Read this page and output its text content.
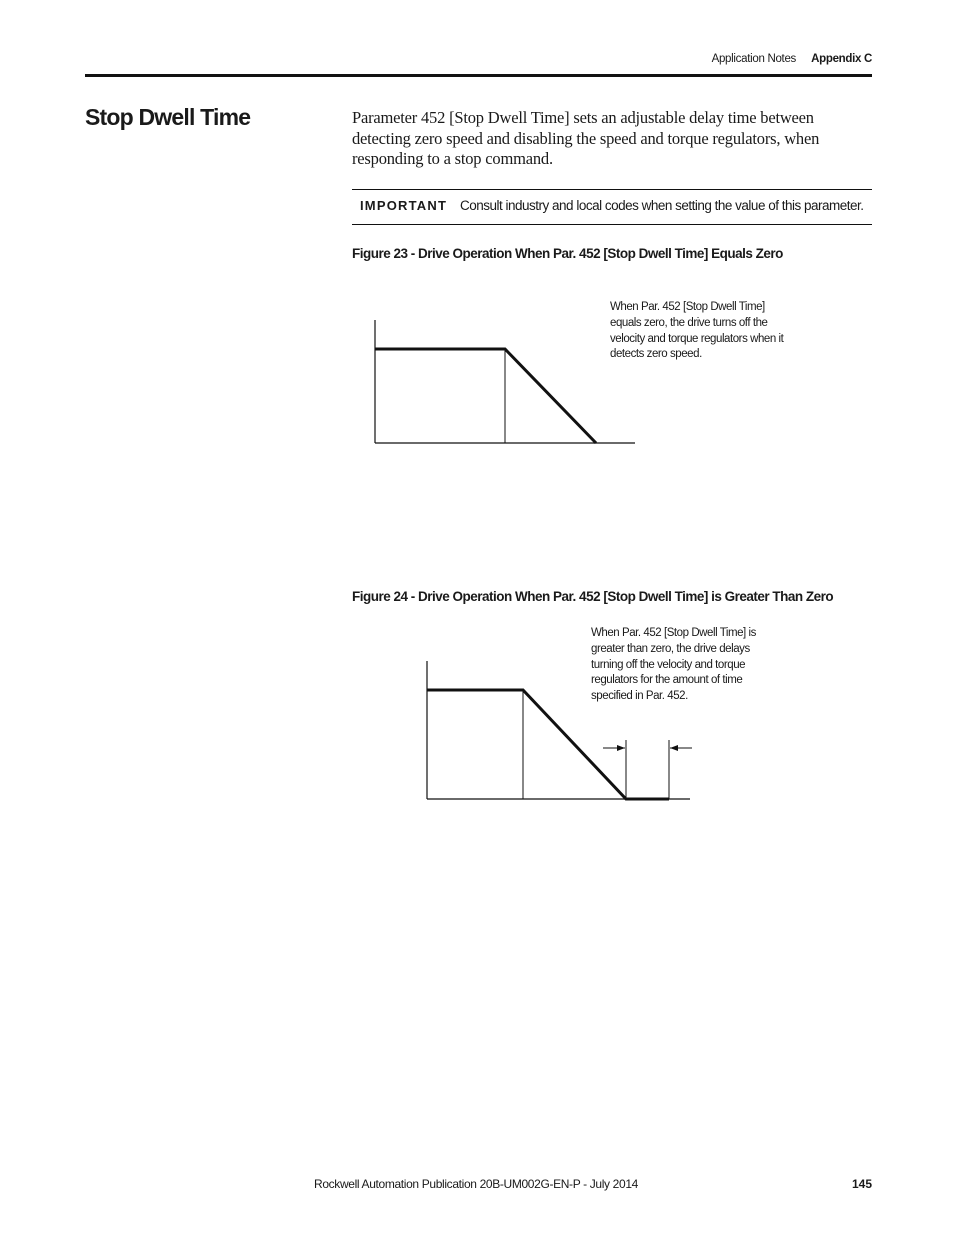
Application Notes	Appendix C
Stop Dwell Time	Parameter 452 [Stop Dwell Time] sets an adjustable delay time between detecting zero speed and disabling the speed and torque regulators, when responding to a stop command.
IMPORTANT Consult industry and local codes when setting the value of this parameter.
Figure 23 - Drive Operation When Par. 452 [Stop Dwell Time] Equals Zero
When Par. 452 [Stop Dwell Time] equals zero, the drive turns off the velocity and torque regulators when it detects zero speed.
Figure 24 - Drive Operation When Par. 452 [Stop Dwell Time] is Greater Than Zero
When Par. 452 [Stop Dwell Time] is greater than zero, the drive delays turning off the velocity and torque regulators for the amount of time specified in Par. 452.
Rockwell Automation Publication 20B-UM002G-EN-P - July 2014	145
